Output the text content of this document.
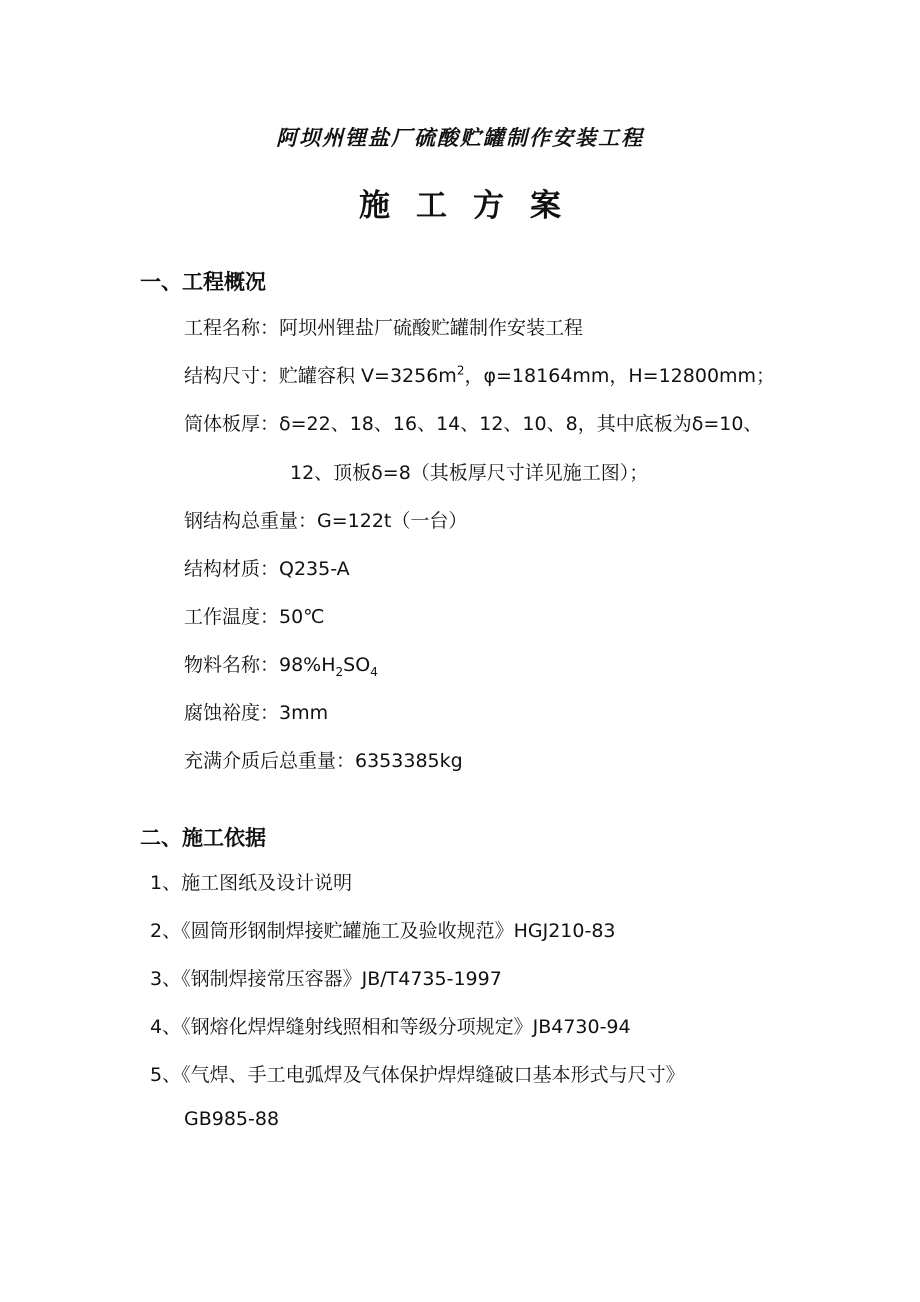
阿坝州锂盐厂硫酸贮罐制作安装工程
施工方案
一、工程概况
工程名称：阿坝州锂盐厂硫酸贮罐制作安装工程
结构尺寸：贮罐容积 $V=3256m^2$，φ=18164mm，H=12800mm；
筒体板厚：δ=22、18、16、14、12、10、8，其中底板为δ=10、
12、顶板δ=8（其板厚尺寸详见施工图）；
钢结构总重量：G=122t（一台）
结构材质：Q235-A
工作温度：50℃
物料名称：$98\%H_2SO_4$
腐蚀裕度：3mm
充满介质后总重量：6353385kg
二、施工依据
1、施工图纸及设计说明
2、《圆筒形钢制焊接贮罐施工及验收规范》HGJ210-83
3、《钢制焊接常压容器》JB/T4735-1997
4、《钢熔化焊焊缝射线照相和等级分项规定》JB4730-94
5、《气焊、手工电弧焊及气体保护焊焊缝破口基本形式与尺寸》
GB985-88
